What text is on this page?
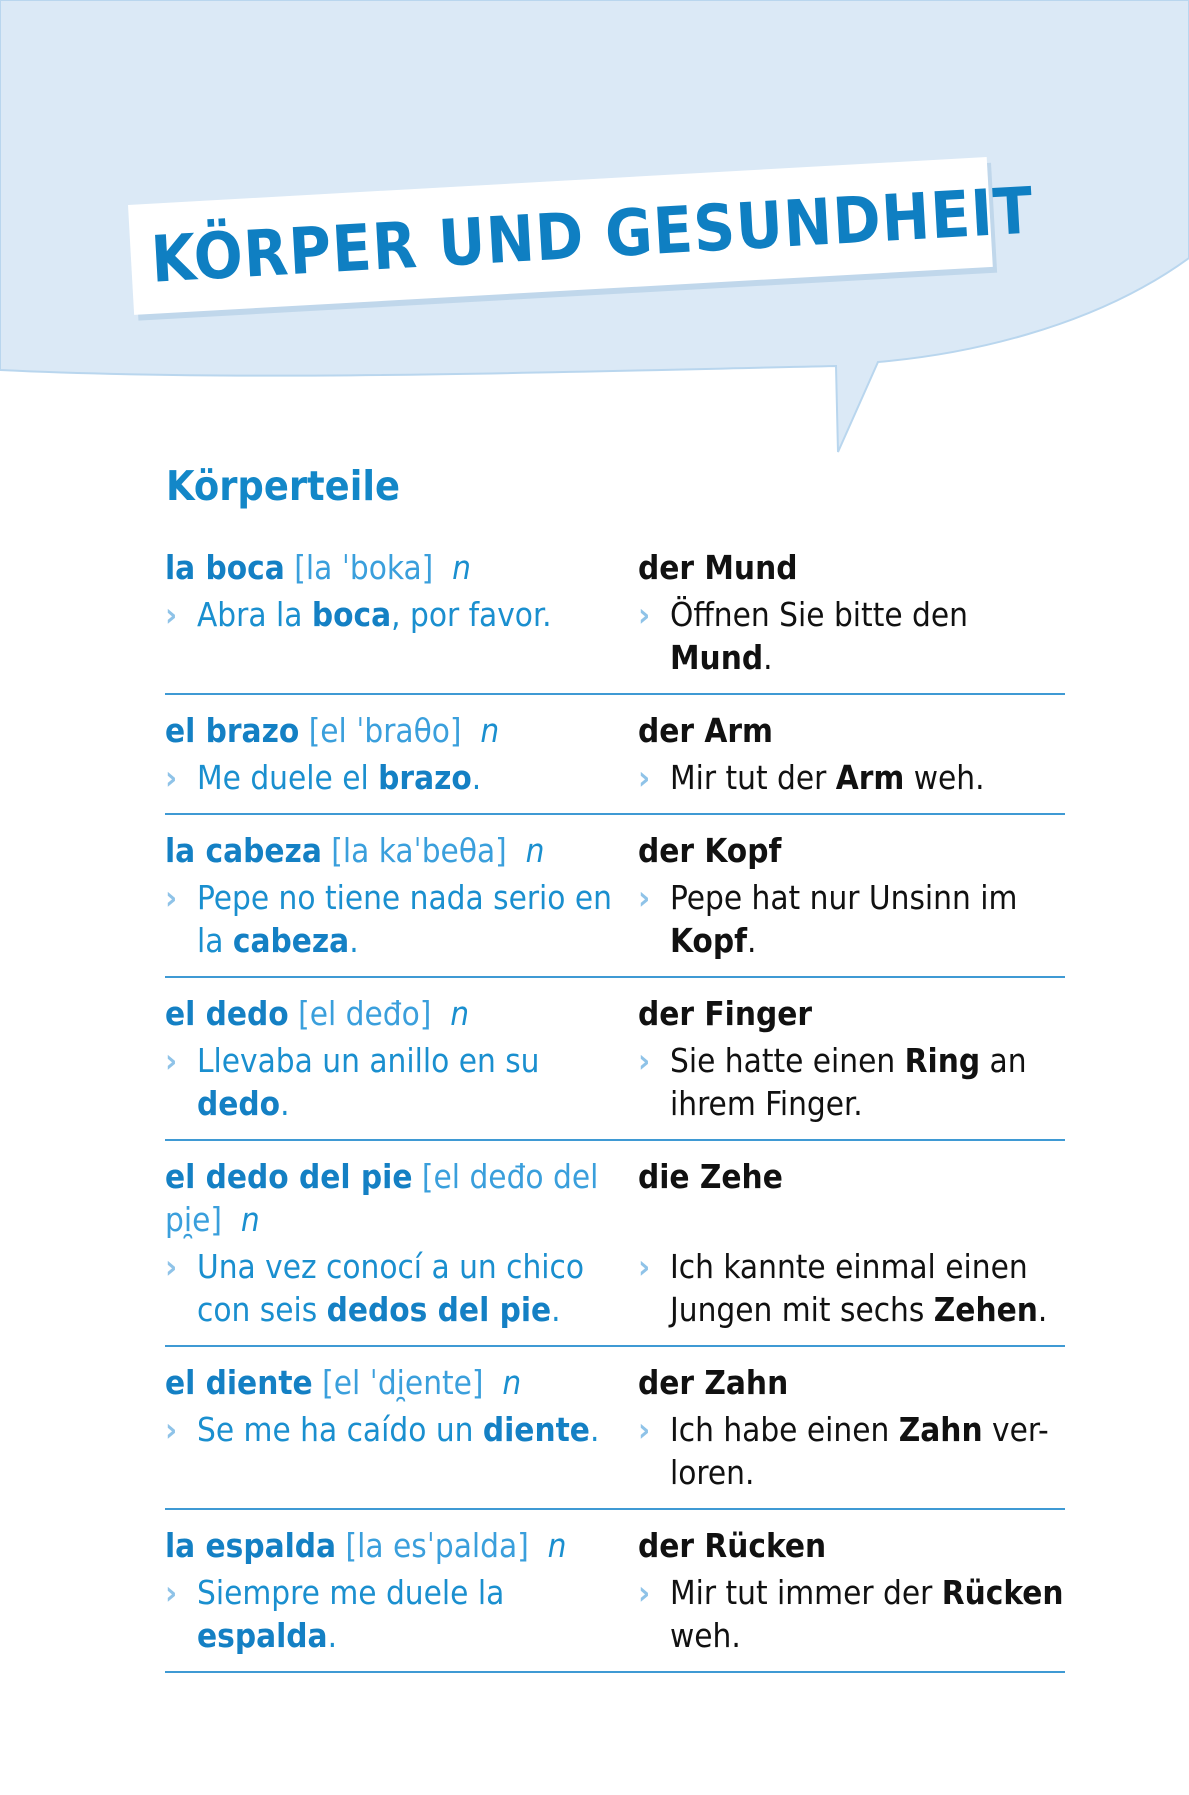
KÖRPER UND GESUNDHEIT
Körperteile
la boca [la ˈboka] n
› Abra la boca, por favor.
der Mund
› Öffnen Sie bitte den Mund.
el brazo [el ˈbraθo] n
› Me duele el brazo.
der Arm
› Mir tut der Arm weh.
la cabeza [la kaˈbeθa] n
› Pepe no tiene nada serio en la cabeza.
der Kopf
› Pepe hat nur Unsinn im Kopf.
el dedo [el deđo] n
› Llevaba un anillo en su dedo.
der Finger
› Sie hatte einen Ring an ihrem Finger.
el dedo del pie [el deđo del pi̯e] n
› Una vez conocí a un chico con seis dedos del pie.
die Zehe
› Ich kannte einmal einen Jungen mit sechs Zehen.
el diente [el ˈdi̯ente] n
› Se me ha caído un diente.
der Zahn
› Ich habe einen Zahn ver-loren.
la espalda [la esˈpalda] n
› Siempre me duele la espalda.
der Rücken
› Mir tut immer der Rücken weh.
